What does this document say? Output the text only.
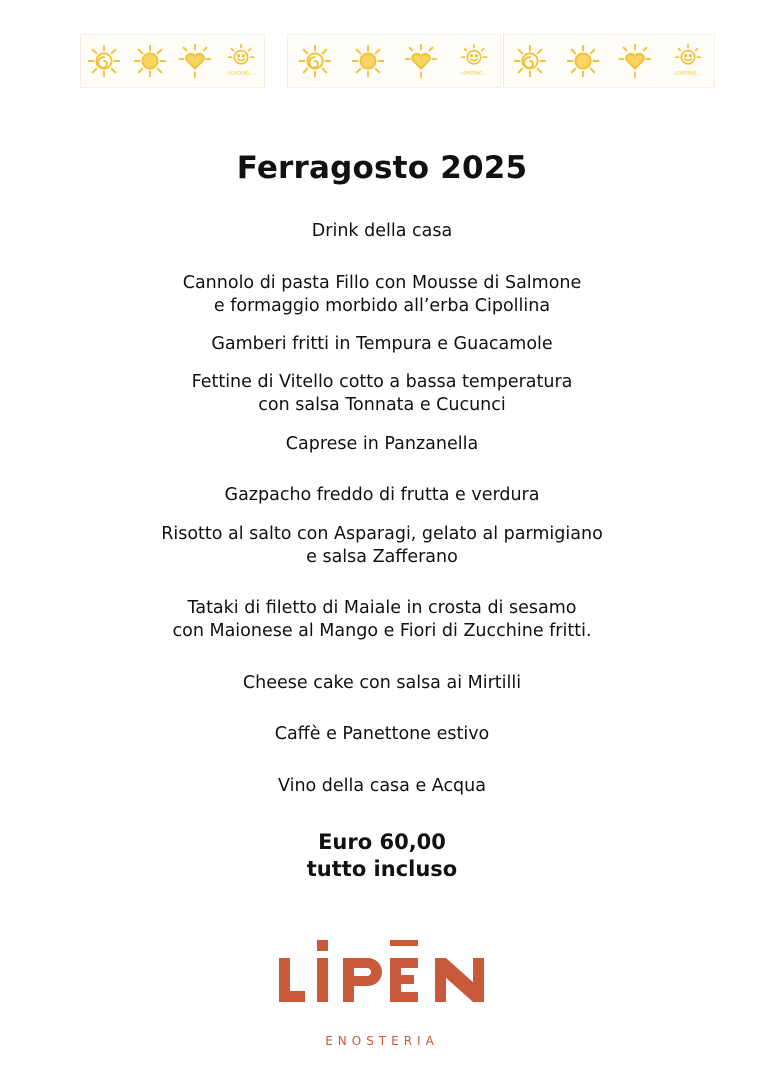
LOADING...	LOADING...	LOADING...
Ferragosto 2025
Drink della casa
Cannolo di pasta Fillo con Mousse di Salmone
e formaggio morbido all’erba Cipollina
Gamberi fritti in Tempura e Guacamole
Fettine di Vitello cotto a bassa temperatura
con salsa Tonnata e Cucunci
Caprese in Panzanella
Gazpacho freddo di frutta e verdura
Risotto al salto con Asparagi, gelato al parmigiano
e salsa Zafferano
Tataki di filetto di Maiale in crosta di sesamo
con Maionese al Mango e Fiori di Zucchine fritti.
Cheese cake con salsa ai Mirtilli
Caffè e Panettone estivo
Vino della casa e Acqua
Euro 60,00
tutto incluso
ENOSTERIA
